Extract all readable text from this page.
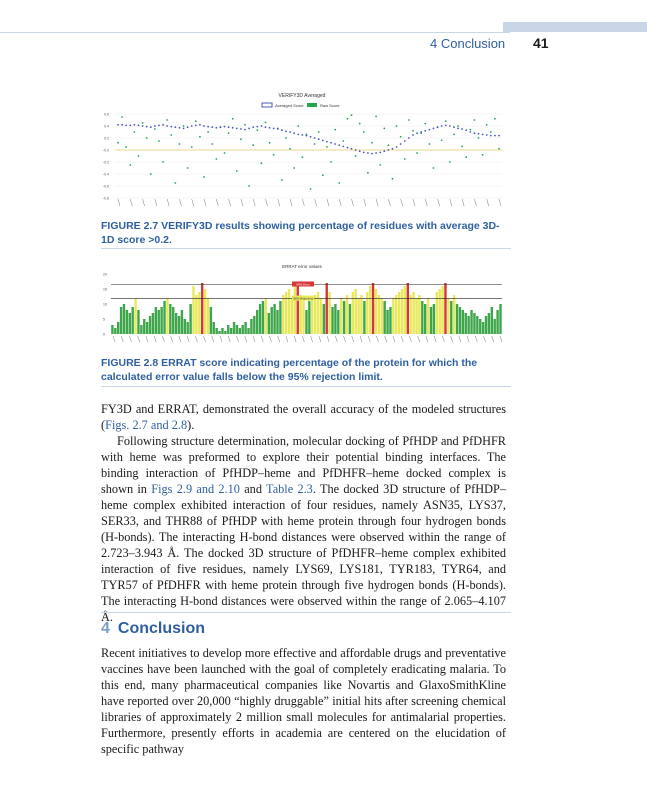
4 Conclusion 41
VERIFY3D Averaged
Averaged Score	Raw Score
-0.8
-0.6
-0.4
-0.2
-0.0
0.2
0.4
0.6
FIGURE 2.7 VERIFY3D results showing percentage of residues with average 3D-1D score >0.2.
ERRAT error values
0
5
10
15
20
99% Error
95% Rejecting
FIGURE 2.8 ERRAT score indicating percentage of the protein for which the calculated error value falls below the 95% rejection limit.

FY3D and ERRAT, demonstrated the overall accuracy of the modeled structures (Figs. 2.7 and 2.8).

Following structure determination, molecular docking of PfHDP and PfDHFR with heme was preformed to explore their potential binding interfaces. The binding interaction of PfHDP–heme and PfDHFR–heme docked complex is shown in Figs 2.9 and 2.10 and Table 2.3. The docked 3D structure of PfHDP–heme complex exhibited interaction of four residues, namely ASN35, LYS37, SER33, and THR88 of PfHDP with heme protein through four hydrogen bonds (H-bonds). The interacting H-bond distances were observed within the range of 2.723–3.943 Å. The docked 3D structure of PfDHFR–heme complex exhibited interaction of five residues, namely LYS69, LYS181, TYR183, TYR64, and TYR57 of PfDHFR with heme protein through five hydrogen bonds (H-bonds). The interacting H-bond distances were observed within the range of 2.065–4.107 Å.

4 Conclusion

Recent initiatives to develop more effective and affordable drugs and preventative vaccines have been launched with the goal of completely eradicating malaria. To this end, many pharmaceutical companies like Novartis and GlaxoSmithKline have reported over 20,000 “highly druggable” initial hits after screening chemical libraries of approximately 2 million small molecules for antimalarial properties. Furthermore, presently efforts in academia are centered on the elucidation of specific pathway
